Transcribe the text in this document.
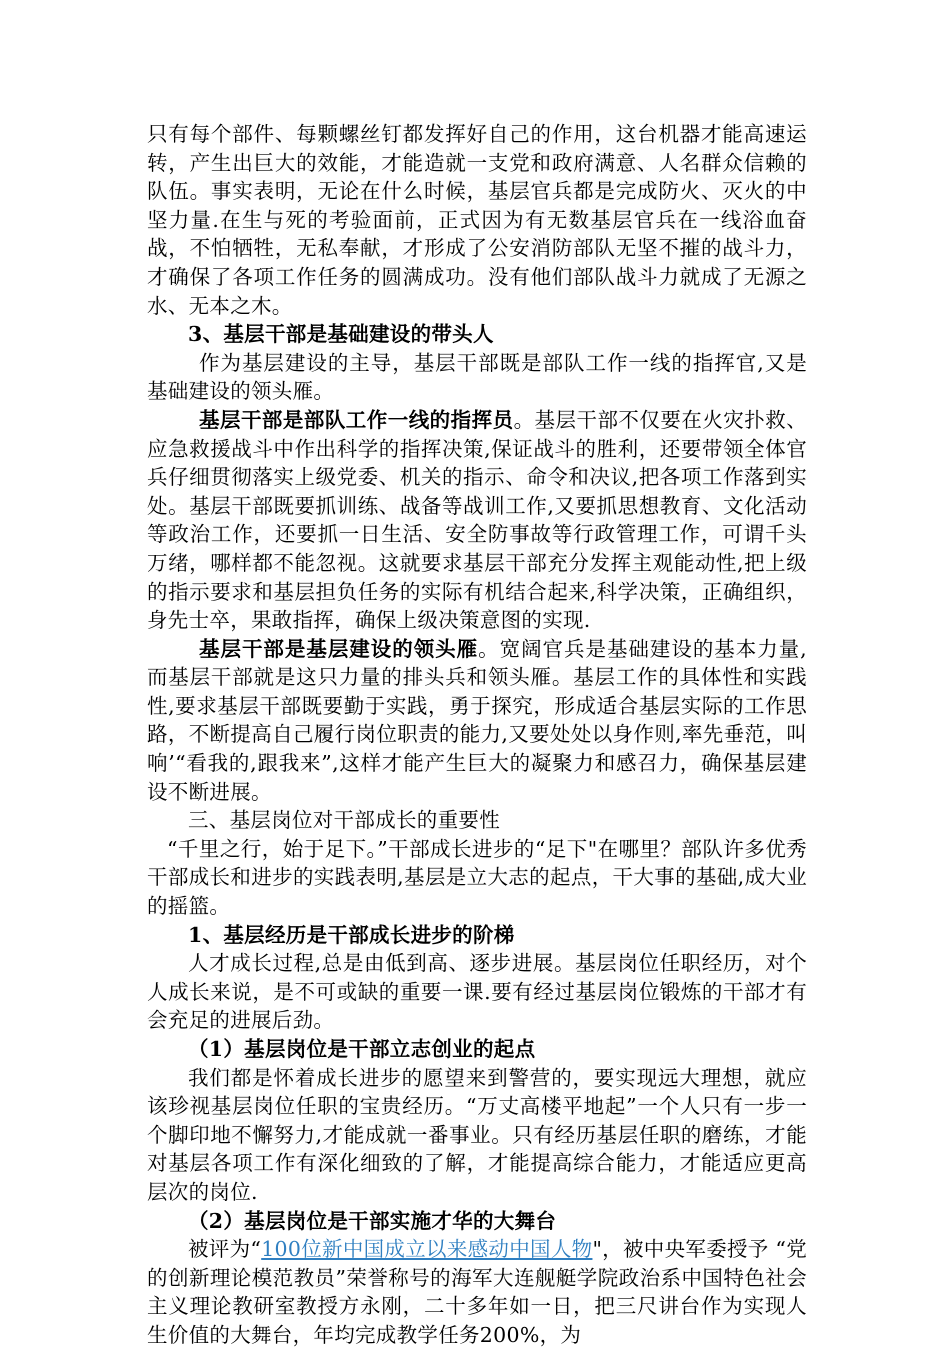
只有每个部件、每颗螺丝钉都发挥好自己的作用，这台机器才能高速运转，产生出巨大的效能，才能造就一支党和政府满意、人名群众信赖的队伍。事实表明，无论在什么时候，基层官兵都是完成防火、灭火的中坚力量.在生与死的考验面前，正式因为有无数基层官兵在一线浴血奋战，不怕牺牲，无私奉献，才形成了公安消防部队无坚不摧的战斗力，才确保了各项工作任务的圆满成功。没有他们部队战斗力就成了无源之水、无本之木。

3、基层干部是基础建设的带头人

作为基层建设的主导，基层干部既是部队工作一线的指挥官,又是基础建设的领头雁。

基层干部是部队工作一线的指挥员。基层干部不仅要在火灾扑救、应急救援战斗中作出科学的指挥决策,保证战斗的胜利，还要带领全体官兵仔细贯彻落实上级党委、机关的指示、命令和决议,把各项工作落到实处。基层干部既要抓训练、战备等战训工作,又要抓思想教育、文化活动等政治工作，还要抓一日生活、安全防事故等行政管理工作，可谓千头万绪，哪样都不能忽视。这就要求基层干部充分发挥主观能动性,把上级的指示要求和基层担负任务的实际有机结合起来,科学决策，正确组织，身先士卒，果敢指挥，确保上级决策意图的实现.

基层干部是基层建设的领头雁。宽阔官兵是基础建设的基本力量,而基层干部就是这只力量的排头兵和领头雁。基层工作的具体性和实践性,要求基层干部既要勤于实践，勇于探究，形成适合基层实际的工作思路，不断提高自己履行岗位职责的能力,又要处处以身作则,率先垂范，叫响’“看我的,跟我来”,这样才能产生巨大的凝聚力和感召力，确保基层建设不断进展。

三、基层岗位对干部成长的重要性

“千里之行，始于足下。”干部成长进步的“足下"在哪里？部队许多优秀干部成长和进步的实践表明,基层是立大志的起点，干大事的基础,成大业的摇篮。

1、基层经历是干部成长进步的阶梯

人才成长过程,总是由低到高、逐步进展。基层岗位任职经历，对个人成长来说，是不可或缺的重要一课.要有经过基层岗位锻炼的干部才有会充足的进展后劲。

（1）基层岗位是干部立志创业的起点

我们都是怀着成长进步的愿望来到警营的，要实现远大理想，就应该珍视基层岗位任职的宝贵经历。“万丈高楼平地起”一个人只有一步一个脚印地不懈努力,才能成就一番事业。只有经历基层任职的磨练，才能对基层各项工作有深化细致的了解，才能提高综合能力，才能适应更高层次的岗位.

（2）基层岗位是干部实施才华的大舞台

被评为“100位新中国成立以来感动中国人物"，被中央军委授予 “党的创新理论模范教员”荣誉称号的海军大连舰艇学院政治系中国特色社会主义理论教研室教授方永刚，二十多年如一日，把三尺讲台作为实现人生价值的大舞台，年均完成教学任务200%，为
